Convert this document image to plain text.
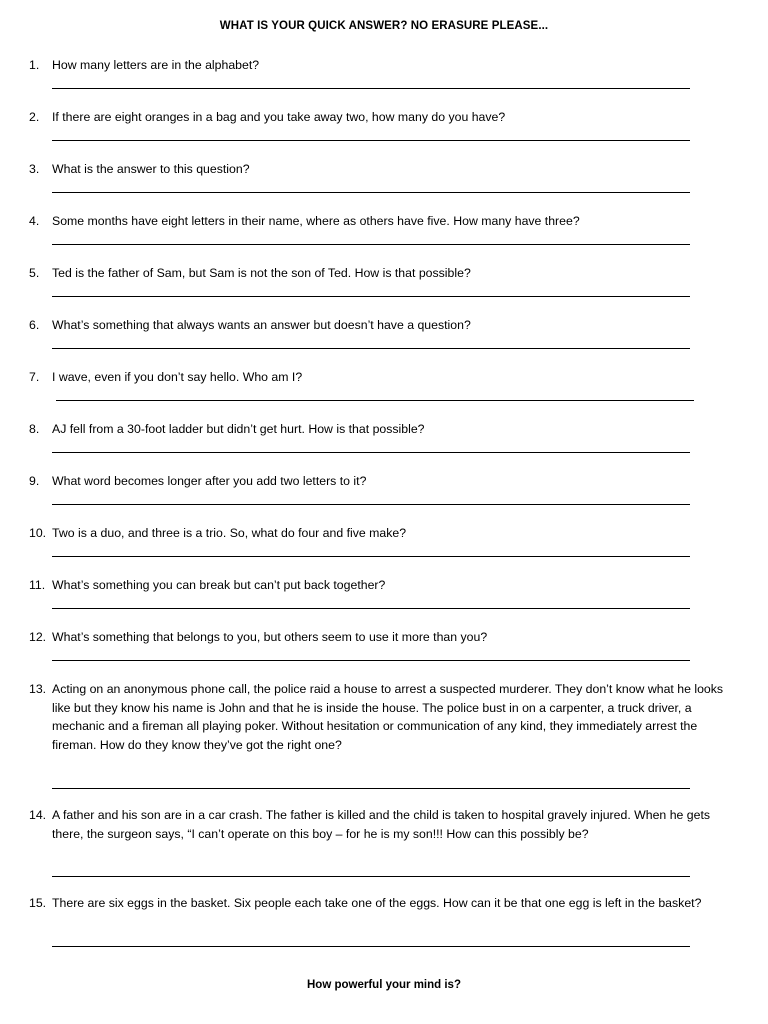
WHAT IS YOUR QUICK ANSWER? NO ERASURE PLEASE...
1.	How many letters are in the alphabet?
2.	If there are eight oranges in a bag and you take away two, how many do you have?
3.	What is the answer to this question?
4.	Some months have eight letters in their name, where as others have five. How many have three?
5.	Ted is the father of Sam, but Sam is not the son of Ted. How is that possible?
6.	What’s something that always wants an answer but doesn’t have a question?
7.	I wave, even if you don’t say hello. Who am I?
8.	AJ fell from a 30-foot ladder but didn’t get hurt. How is that possible?
9.	What word becomes longer after you add two letters to it?
10. Two is a duo, and three is a trio. So, what do four and five make?
11. What’s something you can break but can’t put back together?
12. What’s something that belongs to you, but others seem to use it more than you?
13. Acting on an anonymous phone call, the police raid a house to arrest a suspected murderer. They don’t know what he looks like but they know his name is John and that he is inside the house. The police bust in on a carpenter, a truck driver, a mechanic and a fireman all playing poker. Without hesitation or communication of any kind, they immediately arrest the fireman. How do they know they’ve got the right one?
14. A father and his son are in a car crash. The father is killed and the child is taken to hospital gravely injured. When he gets there, the surgeon says, “I can’t operate on this boy – for he is my son!!! How can this possibly be?
15. There are six eggs in the basket. Six people each take one of the eggs. How can it be that one egg is left in the basket?
How powerful your mind is?
